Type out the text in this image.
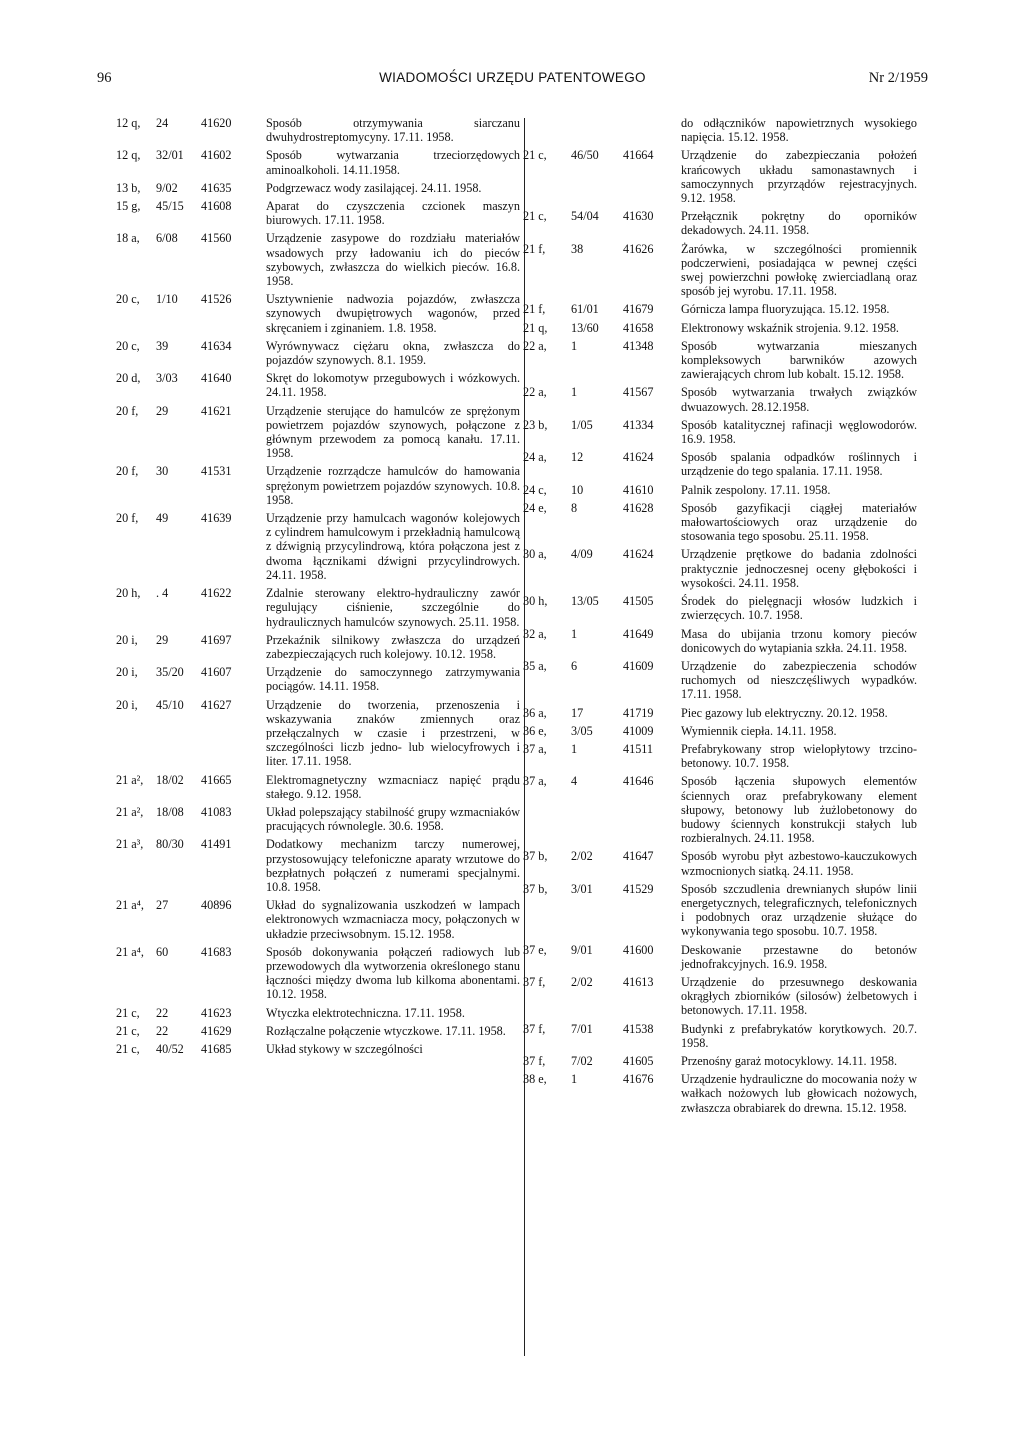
96	WIADOMOŚCI URZĘDU PATENTOWEGO	Nr 2/1959
12 q,	24	41620	Sposób otrzymywania siarczanu dwuhydrostreptomycyny. 17.11. 1958.
12 q,	32/01	41602	Sposób wytwarzania trzeciorzędowych aminoalkoholi. 14.11.1958.
13 b,	9/02	41635	Podgrzewacz wody zasilającej. 24.11. 1958.
15 g,	45/15	41608	Aparat do czyszczenia czcionek maszyn biurowych. 17.11. 1958.
18 a,	6/08	41560	Urządzenie zasypowe do rozdziału materiałów wsadowych przy ładowaniu ich do pieców szybowych, zwłaszcza do wielkich pieców. 16.8. 1958.
20 c,	1/10	41526	Usztywnienie nadwozia pojazdów, zwłaszcza szynowych dwupiętrowych wagonów, przed skręcaniem i zginaniem. 1.8. 1958.
20 c,	39	41634	Wyrównywacz ciężaru okna, zwłaszcza do pojazdów szynowych. 8.1. 1959.
20 d,	3/03	41640	Skręt do lokomotyw przegubowych i wózkowych. 24.11. 1958.
20 f,	29	41621	Urządzenie sterujące do hamulców ze sprężonym powietrzem pojazdów szynowych, połączone z głównym przewodem za pomocą kanału. 17.11. 1958.
20 f,	30	41531	Urządzenie rozrządcze hamulców do hamowania sprężonym powietrzem pojazdów szynowych. 10.8. 1958.
20 f,	49	41639	Urządzenie przy hamulcach wagonów kolejowych z cylindrem hamulcowym i przekładnią hamulcową z dźwignią przycylindrową, która połączona jest z dwoma łącznikami dźwigni przycylindrowych. 24.11. 1958.
20 h,	. 4	41622	Zdalnie sterowany elektro-hydrauliczny zawór regulujący ciśnienie, szczególnie do hydraulicznych hamulców szynowych. 25.11. 1958.
20 i,	29	41697	Przekaźnik silnikowy zwłaszcza do urządzeń zabezpieczających ruch kolejowy. 10.12. 1958.
20 i,	35/20	41607	Urządzenie do samoczynnego zatrzymywania pociągów. 14.11. 1958.
20 i,	45/10	41627	Urządzenie do tworzenia, przenoszenia i wskazywania znaków zmiennych oraz przełączalnych w czasie i przestrzeni, w szczególności liczb jedno- lub wielocyfrowych i liter. 17.11. 1958.
21 a²,	18/02	41665	Elektromagnetyczny wzmacniacz napięć prądu stałego. 9.12. 1958.
21 a²,	18/08	41083	Układ polepszający stabilność grupy wzmacniaków pracujących równolegle. 30.6. 1958.
21 a³,	80/30	41491	Dodatkowy mechanizm tarczy numerowej, przystosowujący telefoniczne aparaty wrzutowe do bezpłatnych połączeń z numerami specjalnymi. 10.8. 1958.
21 a⁴, 27	40896	Układ do sygnalizowania uszkodzeń w lampach elektronowych wzmacniacza mocy, połączonych w układzie przeciwsobnym. 15.12. 1958.
21 a⁴, 60	41683	Sposób dokonywania połączeń radiowych lub przewodowych dla wytworzenia określonego stanu łączności między dwoma lub kilkoma abonentami. 10.12. 1958.
21 c,	22	41623	Wtyczka elektrotechniczna. 17.11. 1958.
21 c,	22	41629	Rozłączalne połączenie wtyczkowe. 17.11. 1958.
21 c,	40/52	41685	Układ stykowy w szczególności
do odłączników napowietrznych wysokiego napięcia. 15.12. 1958.
21 c,	46/50	41664	Urządzenie do zabezpieczania położeń krańcowych układu samonastawnych i samoczynnych przyrządów rejestracyjnych. 9.12. 1958.
21 c,	54/04	41630	Przełącznik pokrętny do oporników dekadowych. 24.11. 1958.
21 f,	38	41626	Żarówka, w szczególności promiennik podczerwieni, posiadająca w pewnej części swej powierzchni powłokę zwierciadlaną oraz sposób jej wyrobu. 17.11. 1958.
21 f,	61/01	41679	Górnicza lampa fluoryzująca. 15.12. 1958.
21 q,	13/60	41658	Elektronowy wskaźnik strojenia. 9.12. 1958.
22 a,	1	41348	Sposób wytwarzania mieszanych kompleksowych barwników azowych zawierających chrom lub kobalt. 15.12. 1958.
22 a,	1	41567	Sposób wytwarzania trwałych związków dwuazowych. 28.12.1958.
23 b,	1/05	41334	Sposób katalitycznej rafinacji węglowodorów. 16.9. 1958.
24 a,	12	41624	Sposób spalania odpadków roślinnych i urządzenie do tego spalania. 17.11. 1958.
24 c,	10	41610	Palnik zespolony. 17.11. 1958.
24 e,	8	41628	Sposób gazyfikacji ciągłej materiałów małowartościowych oraz urządzenie do stosowania tego sposobu. 25.11. 1958.
30 a,	4/09	41624	Urządzenie prętkowe do badania zdolności praktycznie jednoczesnej oceny głębokości i wysokości. 24.11. 1958.
30 h,	13/05	41505	Środek do pielęgnacji włosów ludzkich i zwierzęcych. 10.7. 1958.
32 a,	1	41649	Masa do ubijania trzonu komory pieców donicowych do wytapiania szkła. 24.11. 1958.
35 a,	6	41609	Urządzenie do zabezpieczenia schodów ruchomych od nieszczęśliwych wypadków. 17.11. 1958.
36 a,	17	41719	Piec gazowy lub elektryczny. 20.12. 1958.
36 e,	3/05	41009	Wymiennik ciepła. 14.11. 1958.
37 a,	1	41511	Prefabrykowany strop wielopłytowy trzcino-betonowy. 10.7. 1958.
37 a,	4	41646	Sposób łączenia słupowych elementów ściennych oraz prefabrykowany element słupowy, betonowy lub żużlobetonowy do budowy ściennych konstrukcji stałych lub rozbieralnych. 24.11. 1958.
37 b,	2/02	41647	Sposób wyrobu płyt azbestowo-kauczukowych wzmocnionych siatką. 24.11. 1958.
37 b,	3/01	41529	Sposób szczudlenia drewnianych słupów linii energetycznych, telegraficznych, telefonicznych i podobnych oraz urządzenie służące do wykonywania tego sposobu. 10.7. 1958.
37 e,	9/01	41600	Deskowanie przestawne do betonów jednofrakcyjnych. 16.9. 1958.
37 f,	2/02	41613	Urządzenie do przesuwnego deskowania okrągłych zbiorników (silosów) żelbetowych i betonowych. 17.11. 1958.
37 f,	7/01	41538	Budynki z prefabrykatów korytkowych. 20.7. 1958.
37 f,	7/02	41605	Przenośny garaż motocyklowy. 14.11. 1958.
38 e,	1	41676	Urządzenie hydrauliczne do mocowania noży w wałkach nożowych lub głowicach nożowych, zwłaszcza obrabiarek do drewna. 15.12. 1958.
